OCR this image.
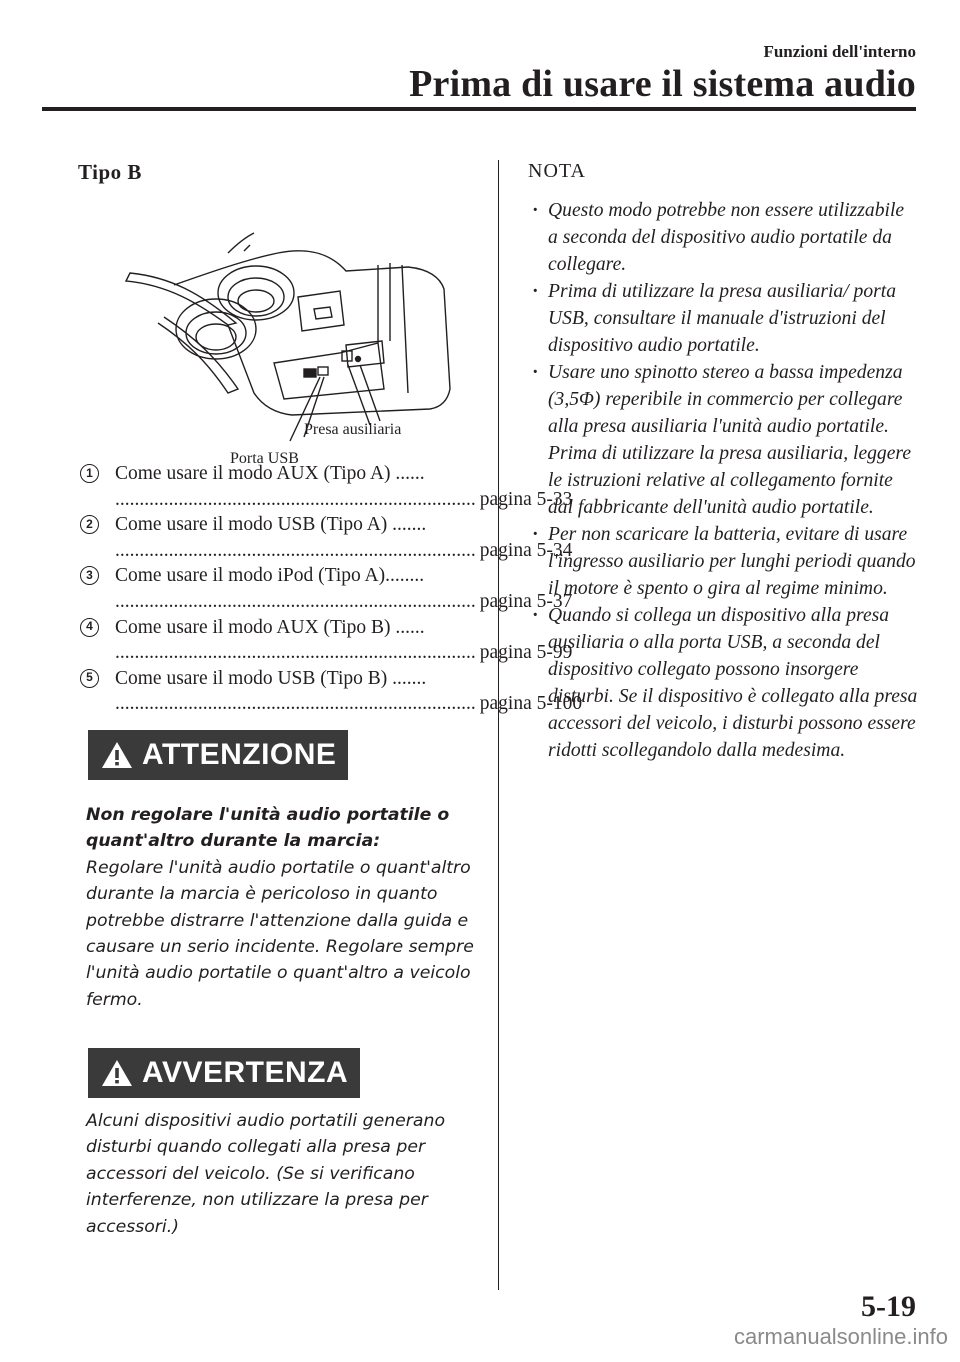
Funzioni dell'interno
Prima di usare il sistema audio
Tipo B
Presa ausiliaria
Porta USB
1	Come usare il modo AUX (Tipo A) ......
.......................................................................... pagina 5-33
2	Come usare il modo USB (Tipo A) .......
.......................................................................... pagina 5-34
3	Come usare il modo iPod (Tipo A)........
.......................................................................... pagina 5-37
4	Come usare il modo AUX (Tipo B) ......
.......................................................................... pagina 5-99
5	Come usare il modo USB (Tipo B) .......
.......................................................................... pagina 5-100
ATTENZIONE
Non regolare l'unità audio portatile o quant'altro durante la marcia:
Regolare l'unità audio portatile o quant'altro durante la marcia è pericoloso in quanto potrebbe distrarre l'attenzione dalla guida e causare un serio incidente. Regolare sempre l'unità audio portatile o quant'altro a veicolo fermo.
AVVERTENZA
Alcuni dispositivi audio portatili generano disturbi quando collegati alla presa per accessori del veicolo. (Se si verificano interferenze, non utilizzare la presa per accessori.)
NOTA
· Questo modo potrebbe non essere utilizzabile a seconda del dispositivo audio portatile da collegare.
· Prima di utilizzare la presa ausiliaria/ porta USB, consultare il manuale d'istruzioni del dispositivo audio portatile.
· Usare uno spinotto stereo a bassa impedenza (3,5Φ) reperibile in commercio per collegare alla presa ausiliaria l'unità audio portatile. Prima di utilizzare la presa ausiliaria, leggere le istruzioni relative al collegamento fornite dal fabbricante dell'unità audio portatile.
· Per non scaricare la batteria, evitare di usare l'ingresso ausiliario per lunghi periodi quando il motore è spento o gira al regime minimo.
· Quando si collega un dispositivo alla presa ausiliaria o alla porta USB, a seconda del dispositivo collegato possono insorgere disturbi. Se il dispositivo è collegato alla presa accessori del veicolo, i disturbi possono essere ridotti scollegandolo dalla medesima.
5-19
carmanualsonline.info
